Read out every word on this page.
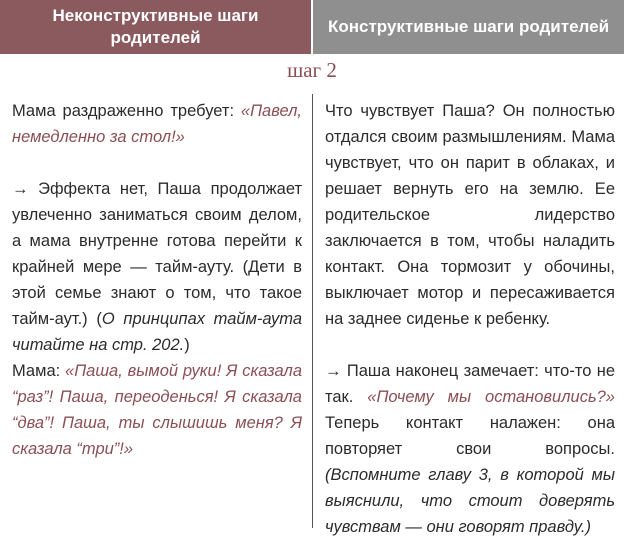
Неконструктивные шаги родителей
Конструктивные шаги родителей
шаг 2

Мама раздраженно требует: «Павел, немедленно за стол!»

→ Эффекта нет, Паша продолжает увлеченно заниматься своим делом, а мама внутренне готова перейти к крайней мере — тайм-ауту. (Дети в этой семье знают о том, что такое тайм-аут.) (О принципах тайм-аута читайте на стр. 202.)

Мама: «Паша, вымой руки! Я сказала “раз”! Паша, переоденься! Я сказала “два”! Паша, ты слышишь меня? Я сказала “три”!»

Что чувствует Паша? Он полностью отдался своим размышлениям. Мама чувствует, что он парит в облаках, и решает вернуть его на землю. Ее родительское лидерство заключается в том, чтобы наладить контакт. Она тормозит у обочины, выключает мотор и пересаживается на заднее сиденье к ребенку.

→ Паша наконец замечает: что-то не так. «Почему мы остановились?» Теперь контакт налажен: она повторяет свои вопросы. (Вспомните главу 3, в которой мы выяснили, что стоит доверять чувствам — они говорят правду.)
